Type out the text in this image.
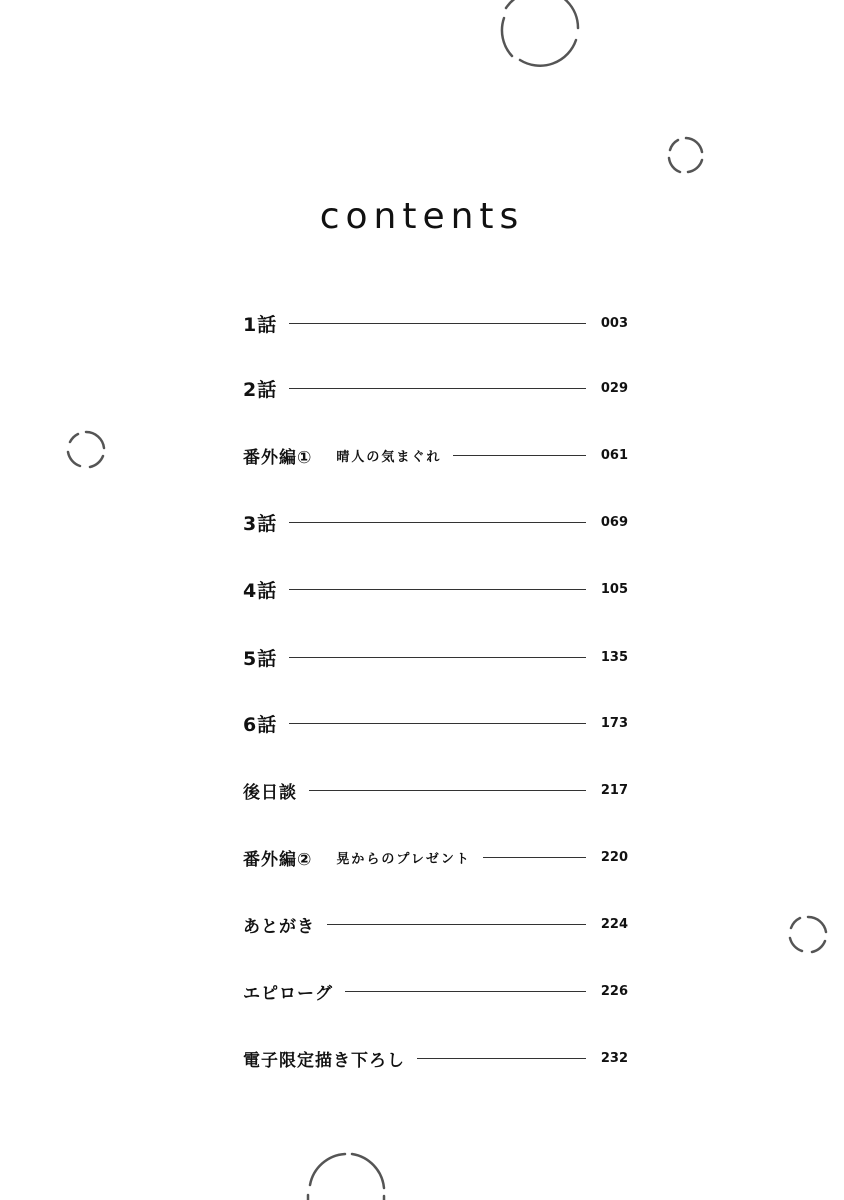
contents
1話	003
2話	029
番外編① 晴人の気まぐれ	061
3話	069
4話	105
5話	135
6話	173
後日談	217
番外編② 晃からのプレゼント	220
あとがき	224
エピローグ	226
電子限定描き下ろし	232
